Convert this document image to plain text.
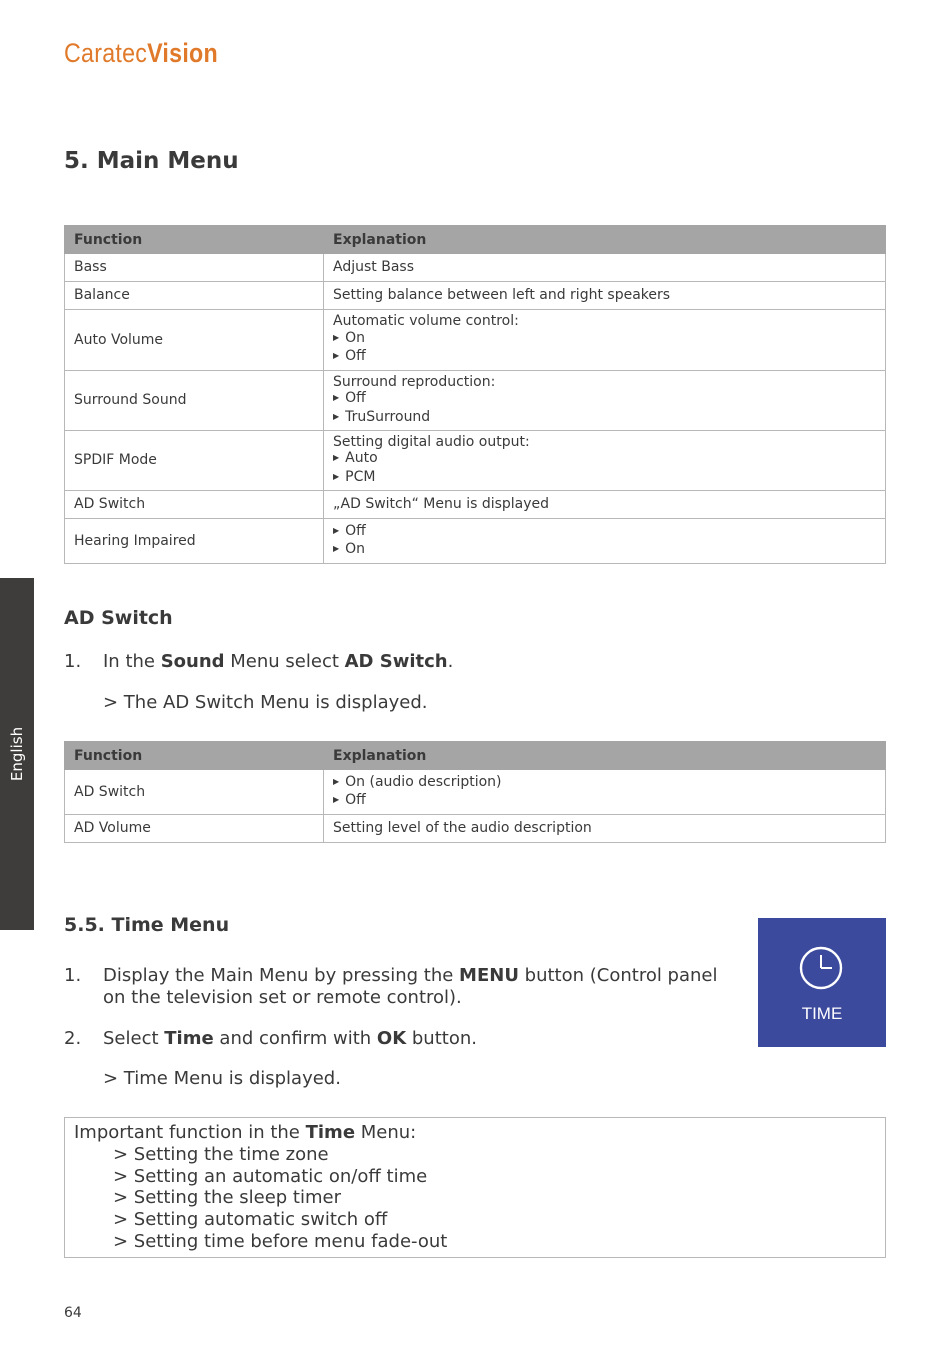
CaratecVision
English
5. Main Menu
Function	Explanation
Bass	Adjust Bass

Balance	Setting balance between left and right speakers

Auto Volume	Automatic volume control:
▶ On
▶ Off

Surround Sound	Surround reproduction:
▶ Off
▶ TruSurround

SPDIF Mode	Setting digital audio output:
▶ Auto
▶ PCM

AD Switch	„AD Switch“ Menu is displayed

Hearing Impaired	▶ Off
▶ On
AD Switch
1. In the Sound Menu select AD Switch.
> The AD Switch Menu is displayed.
Function	Explanation
AD Switch	▶ On (audio description)
▶ Off

AD Volume	Setting level of the audio description
5.5. Time Menu
1. Display the Main Menu by pressing the MENU button (Control panel on the television set or remote control).
2. Select Time and confirm with OK button.
> Time Menu is displayed.
TIME
Important function in the Time Menu:
> Setting the time zone
> Setting an automatic on/off time
> Setting the sleep timer
> Setting automatic switch off
> Setting time before menu fade-out
64
